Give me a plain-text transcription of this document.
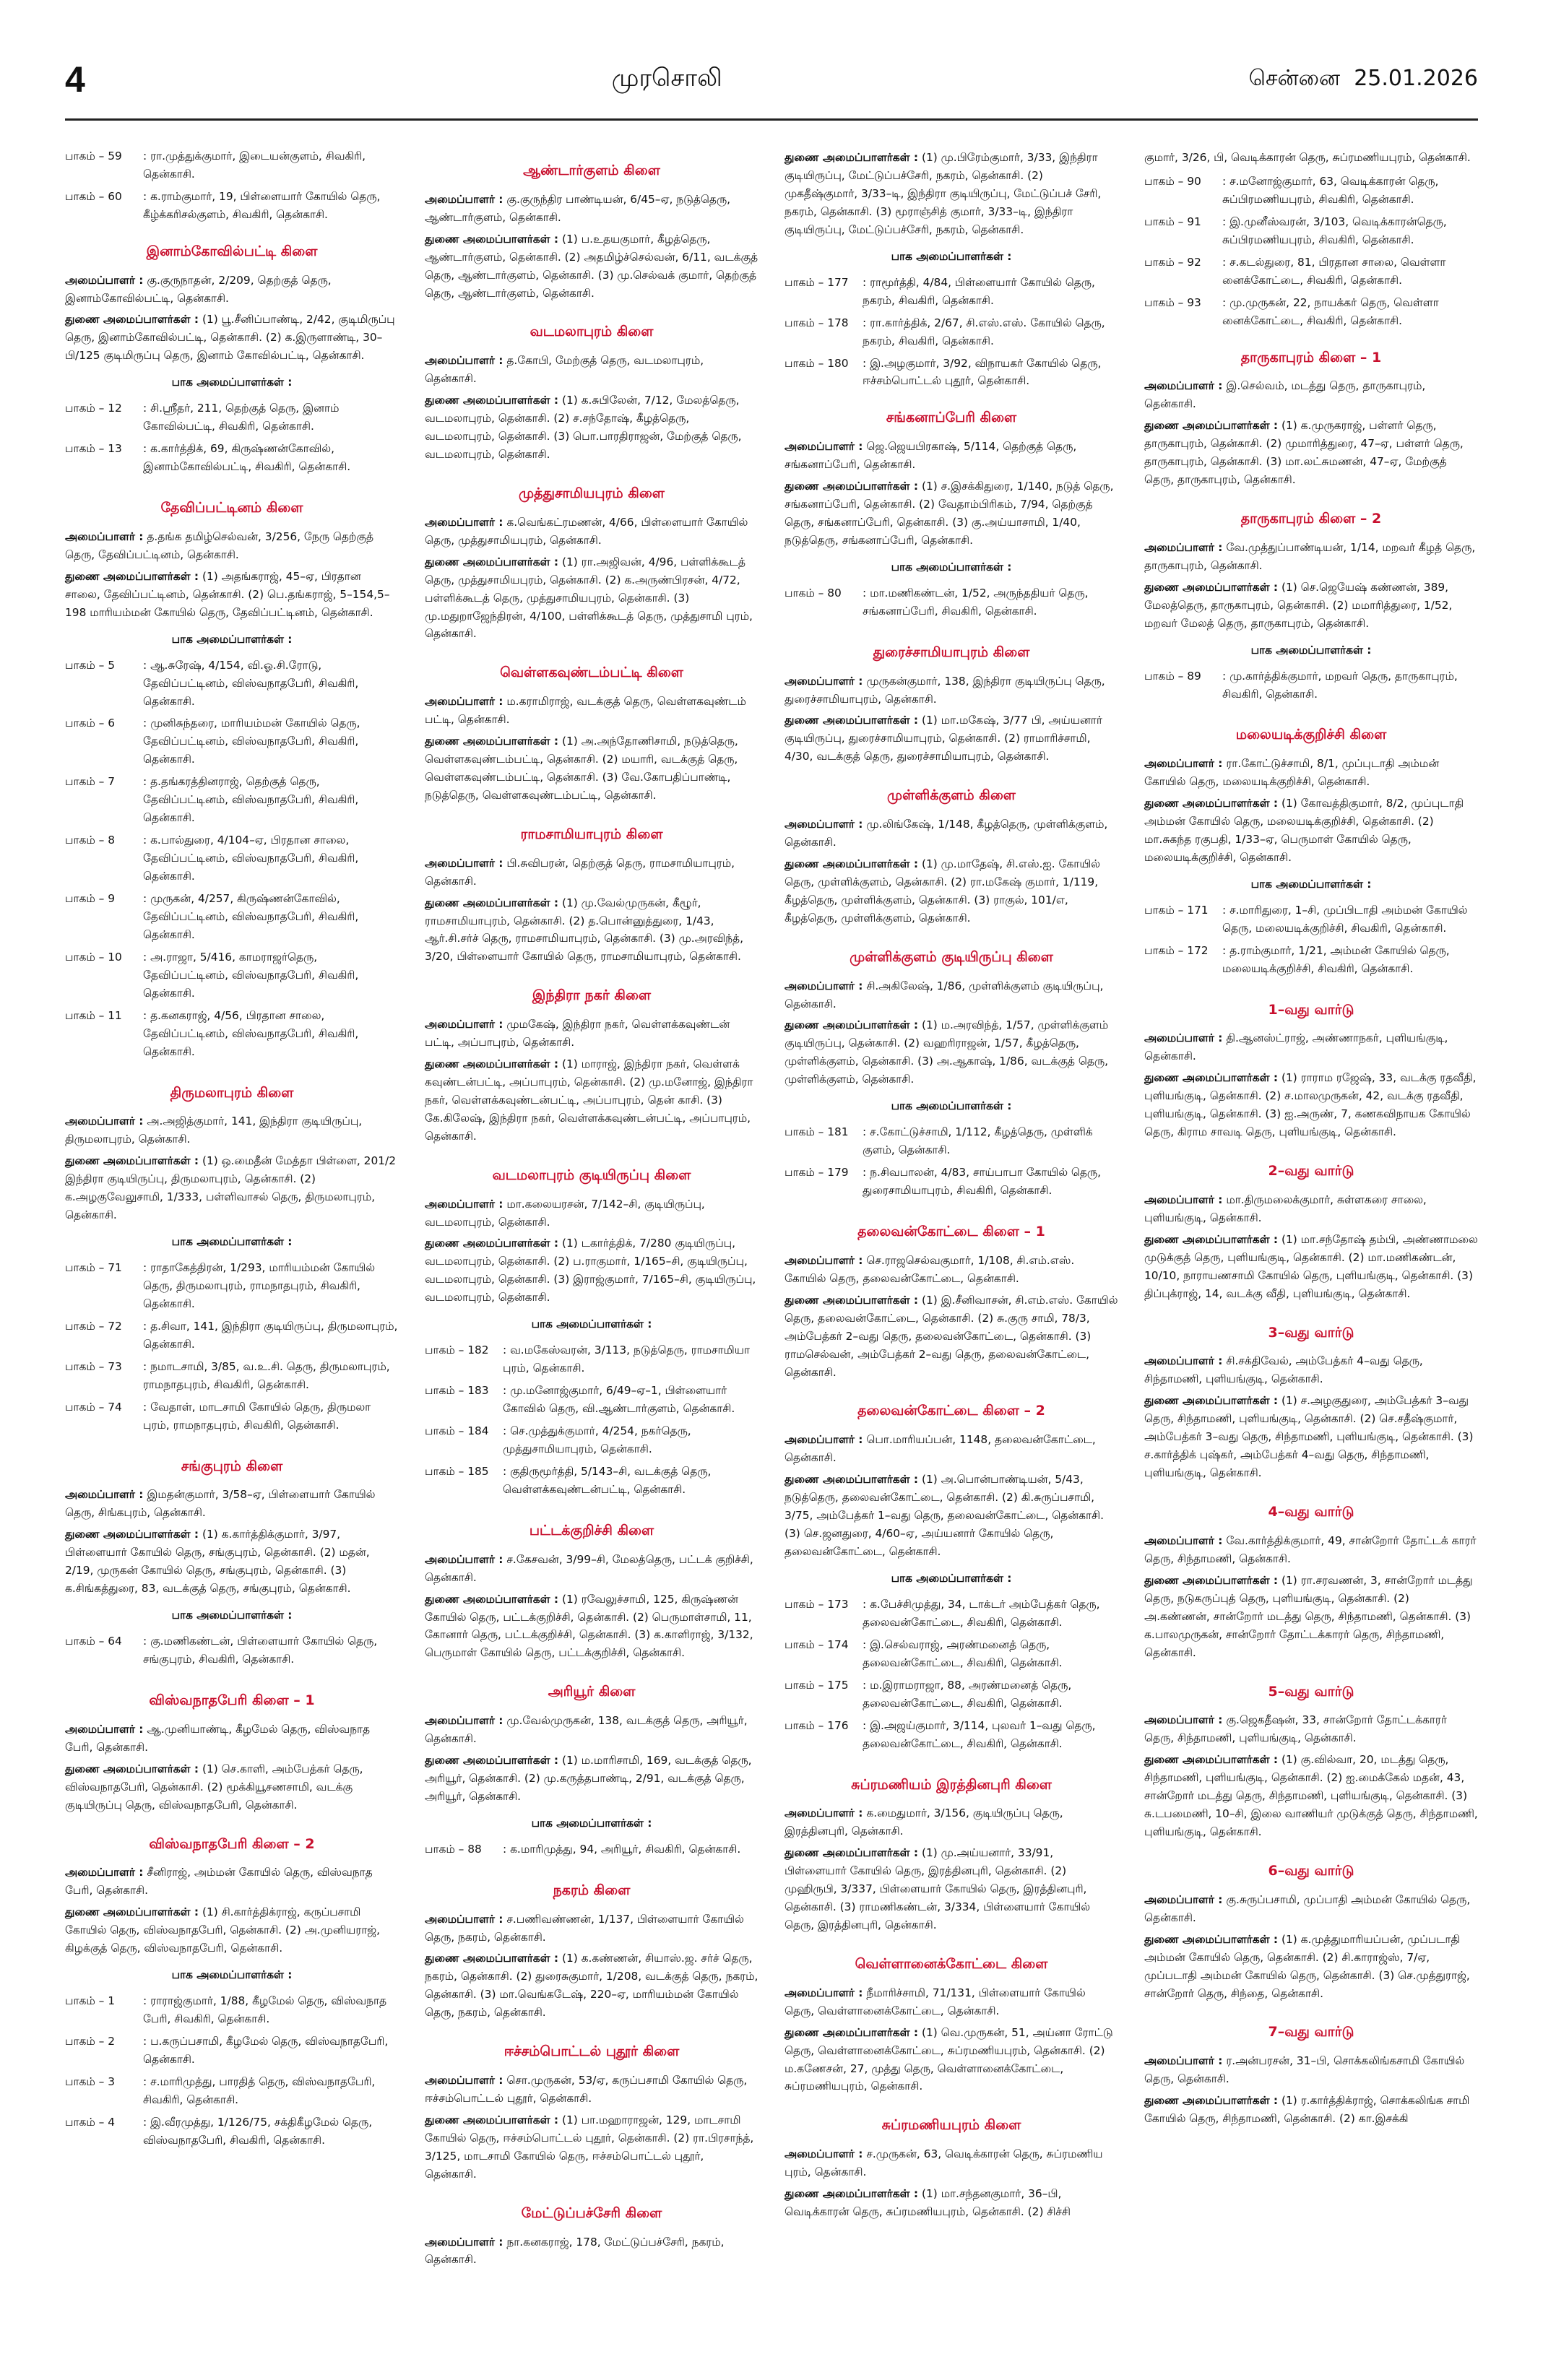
4	முரசொலி	சென்னை 25.01.2026
பாகம் – 59	: ரா.முத்துக்குமார், இடையன்குளம், சிவகிரி, தென்காசி.
பாகம் – 60	: க.ராம்குமார், 19, பிள்ளையார் கோயில் தெரு, கீழ்க்கரிசல்குளம், சிவகிரி, தென்காசி.
இனாம்கோவில்பட்டி கிளை
அமைப்பாளர் : கு.குருநாதன், 2/209, தெற்குத் தெரு, இனாம்கோவில்பட்டி, தென்காசி.
துணை அமைப்பாளர்கள் : (1) பூ.சீனிப்பாண்டி, 2/42, குடிமிருப்பு தெரு, இனாம்கோவில்பட்டி, தென்காசி. (2) க.இருளாண்டி, 30–பி/125 குடிமிருப்பு தெரு, இனாம் கோவில்பட்டி, தென்காசி.
பாக அமைப்பாளர்கள் :
பாகம் – 12	: சி.ஸ்ரீதர், 211, தெற்குத் தெரு, இனாம் கோவில்பட்டி, சிவகிரி, தென்காசி.
பாகம் – 13	: க.கார்த்திக், 69, கிருஷ்ணன்கோவில், இனாம்கோவில்பட்டி, சிவகிரி, தென்காசி.
தேவிப்பட்டினம் கிளை
அமைப்பாளர் : த.தங்க தமிழ்செல்வன், 3/256, நேரு தெற்குத் தெரு, தேவிப்பட்டினம், தென்காசி.
துணை அமைப்பாளர்கள் : (1) அதங்கராஜ், 45–ஏ, பிரதான சாலை, தேவிப்பட்டினம், தென்காசி. (2) பெ.தங்கராஜ், 5–154,5–198 மாரியம்மன் கோயில் தெரு, தேவிப்பட்டினம், தென்காசி.
பாக அமைப்பாளர்கள் :
பாகம் – 5	: ஆ.சுரேஷ், 4/154, வி.ஓ.சி.ரோடு, தேவிப்பட்டினம், விஸ்வநாதபேரி, சிவகிரி, தென்காசி.
பாகம் – 6	: முனிசுந்தரை, மாரியம்மன் கோயில் தெரு, தேவிப்பட்டினம், விஸ்வநாதபேரி, சிவகிரி, தென்காசி.
பாகம் – 7	: த.தங்கரத்தினராஜ், தெற்குத் தெரு, தேவிப்பட்டினம், விஸ்வநாதபேரி, சிவகிரி, தென்காசி.
பாகம் – 8	: க.பால்துரை, 4/104–ஏ, பிரதான சாலை, தேவிப்பட்டினம், விஸ்வநாதபேரி, சிவகிரி, தென்காசி.
பாகம் – 9	: முருகன், 4/257, கிருஷ்ணன்கோவில், தேவிப்பட்டினம், விஸ்வநாதபேரி, சிவகிரி, தென்காசி.
பாகம் – 10	: அ.ராஜா, 5/416, காமராஜர்தெரு, தேவிப்பட்டினம், விஸ்வநாதபேரி, சிவகிரி, தென்காசி.
பாகம் – 11	: த.கனகராஜ், 4/56, பிரதான சாலை, தேவிப்பட்டினம், விஸ்வநாதபேரி, சிவகிரி, தென்காசி.
திருமலாபுரம் கிளை
அமைப்பாளர் : அ.அஜித்குமார், 141, இந்திரா குடியிருப்பு, திருமலாபுரம், தென்காசி.
துணை அமைப்பாளர்கள் : (1) ஒ.மைதீன் மேத்தா பிள்ளை, 201/2 இந்திரா குடியிருப்பு, திருமலாபுரம், தென்காசி. (2) க.அழகுவேலுசாமி, 1/333, பள்ளிவாசல் தெரு, திருமலாபுரம், தென்காசி.
பாக அமைப்பாளர்கள் :
பாகம் – 71	: ராதாகேத்திரன், 1/293, மாரியம்மன் கோயில் தெரு, திருமலாபுரம், ராமநாதபுரம், சிவகிரி, தென்காசி.
பாகம் – 72	: த.சிவா, 141, இந்திரா குடியிருப்பு, திருமலாபுரம், தென்காசி.
பாகம் – 73	: நமாடசாமி, 3/85, வ.உ.சி. தெரு, திருமலாபுரம், ராமநாதபுரம், சிவகிரி, தென்காசி.
பாகம் – 74	: வேதாள், மாடசாமி கோயில் தெரு, திருமலா புரம், ராமநாதபுரம், சிவகிரி, தென்காசி.
சங்குபுரம் கிளை
அமைப்பாளர் : இமதன்குமார், 3/58–ஏ, பிள்ளையார் கோயில் தெரு, சிங்கபுரம், தென்காசி.
துணை அமைப்பாளர்கள் : (1) க.கார்த்திக்குமார், 3/97, பிள்ளையார் கோயில் தெரு, சங்குபுரம், தென்காசி. (2) மதன், 2/19, முருகன் கோயில் தெரு, சங்குபுரம், தென்காசி. (3) க.சிங்கத்துரை, 83, வடக்குத் தெரு, சங்குபுரம், தென்காசி.
பாக அமைப்பாளர்கள் :
பாகம் – 64	: கு.மணிகண்டன், பிள்ளையார் கோயில் தெரு, சங்குபுரம், சிவகிரி, தென்காசி.
விஸ்வநாதபேரி கிளை – 1
அமைப்பாளர் : ஆ.முனியாண்டி, கீழமேல் தெரு, விஸ்வநாத பேரி, தென்காசி.
துணை அமைப்பாளர்கள் : (1) செ.காளி, அம்பேத்கர் தெரு, விஸ்வநாதபேரி, தென்காசி. (2) மூக்கியூசணசாமி, வடக்கு குடியிருப்பு தெரு, விஸ்வநாதபேரி, தென்காசி.
விஸ்வநாதபேரி கிளை – 2
அமைப்பாளர் : சீனிராஜ், அம்மன் கோயில் தெரு, விஸ்வநாத பேரி, தென்காசி.
துணை அமைப்பாளர்கள் : (1) சி.கார்த்திக்ராஜ், கருப்பசாமி கோயில் தெரு, விஸ்வநாதபேரி, தென்காசி. (2) அ.முனியராஜ், கிழக்குத் தெரு, விஸ்வநாதபேரி, தென்காசி.
பாக அமைப்பாளர்கள் :
பாகம் – 1	: ராராஜ்குமார், 1/88, கீழமேல் தெரு, விஸ்வநாத பேரி, சிவகிரி, தென்காசி.
பாகம் – 2	: ப.கருப்பசாமி, கீழமேல் தெரு, விஸ்வநாதபேரி, தென்காசி.
பாகம் – 3	: ச.மாரிமுத்து, பாரதித் தெரு, விஸ்வநாதபேரி, சிவகிரி, தென்காசி.
பாகம் – 4	: இ.வீரமுத்து, 1/126/75, சக்திகீழமேல் தெரு, விஸ்வநாதபேரி, சிவகிரி, தென்காசி.
ஆண்டார்குளம் கிளை
அமைப்பாளர் : கு.குருந்திர பாண்டியன், 6/45–ஏ, நடுத்தெரு, ஆண்டார்குளம், தென்காசி.
துணை அமைப்பாளர்கள் : (1) ப.உதயகுமார், கீழத்தெரு, ஆண்டார்குளம், தென்காசி. (2) அதமிழ்ச்செல்வன், 6/11, வடக்குத் தெரு, ஆண்டார்குளம், தென்காசி. (3) மு.செல்வக் குமார், தெற்குத் தெரு, ஆண்டார்குளம், தென்காசி.
வடமலாபுரம் கிளை
அமைப்பாளர் : த.கோபி, மேற்குத் தெரு, வடமலாபுரம், தென்காசி.
துணை அமைப்பாளர்கள் : (1) க.சுபிலேன், 7/12, மேலத்தெரு, வடமலாபுரம், தென்காசி. (2) ச.சந்தோஷ், கீழத்தெரு, வடமலாபுரம், தென்காசி. (3) பொ.பாரதிராஜன், மேற்குத் தெரு, வடமலாபுரம், தென்காசி.
முத்துசாமியபுரம் கிளை
அமைப்பாளர் : க.வெங்கட்ரமணன், 4/66, பிள்ளையார் கோயில் தெரு, முத்துசாமியபுரம், தென்காசி.
துணை அமைப்பாளர்கள் : (1) ரா.அஜிவன், 4/96, பள்ளிக்கூடத் தெரு, முத்துசாமியபுரம், தென்காசி. (2) க.அருண்பிரசன், 4/72, பள்ளிக்கூடத் தெரு, முத்துசாமியபுரம், தென்காசி. (3) மு.மதுறாஜேந்திரன், 4/100, பள்ளிக்கூடத் தெரு, முத்துசாமி புரம், தென்காசி.
வெள்ளகவுண்டம்பட்டி கிளை
அமைப்பாளர் : ம.கராமிராஜ், வடக்குத் தெரு, வெள்ளகவுண்டம் பட்டி, தென்காசி.
துணை அமைப்பாளர்கள் : (1) அ.அந்தோணிசாமி, நடுத்தெரு, வெள்ளகவுண்டம்பட்டி, தென்காசி. (2) மயாரி, வடக்குத் தெரு, வெள்ளகவுண்டம்பட்டி, தென்காசி. (3) வே.கோபதிப்பாண்டி, நடுத்தெரு, வெள்ளகவுண்டம்பட்டி, தென்காசி.
ராமசாமியாபுரம் கிளை
அமைப்பாளர் : பி.சுவிபரன், தெற்குத் தெரு, ராமசாமியாபுரம், தென்காசி.
துணை அமைப்பாளர்கள் : (1) மு.வேல்முருகன், கீழூர், ராமசாமியாபுரம், தென்காசி. (2) த.பொன்னுத்துரை, 1/43, ஆர்.சி.சர்ச் தெரு, ராமசாமியாபுரம், தென்காசி. (3) மு.அரவிந்த், 3/20, பிள்ளையார் கோயில் தெரு, ராமசாமியாபுரம், தென்காசி.
இந்திரா நகர் கிளை
அமைப்பாளர் : முமகேஷ், இந்திரா நகர், வெள்ளக்கவுண்டன் பட்டி, அப்பாபுரம், தென்காசி.
துணை அமைப்பாளர்கள் : (1) மாராஜ், இந்திரா நகர், வெள்ளக் கவுண்டன்பட்டி, அப்பாபுரம், தென்காசி. (2) மு.மனோஜ், இந்திரா நகர், வெள்ளக்கவுண்டன்பட்டி, அப்பாபுரம், தென் காசி. (3) கே.கிலேஷ், இந்திரா நகர், வெள்ளக்கவுண்டன்பட்டி, அப்பாபுரம், தென்காசி.
வடமலாபுரம் குடியிருப்பு கிளை
அமைப்பாளர் : மா.கலையரசன், 7/142–சி, குடியிருப்பு, வடமலாபுரம், தென்காசி.
துணை அமைப்பாளர்கள் : (1) டகார்த்திக், 7/280 குடியிருப்பு, வடமலாபுரம், தென்காசி. (2) ப.ராகுமார், 1/165–சி, குடியிருப்பு, வடமலாபுரம், தென்காசி. (3) இராஜ்குமார், 7/165–சி, குடியிருப்பு, வடமலாபுரம், தென்காசி.
பாக அமைப்பாளர்கள் :
பாகம் – 182	: வ.மகேஸ்வரன், 3/113, நடுத்தெரு, ராமசாமியா புரம், தென்காசி.
பாகம் – 183	: மு.மனோஜ்குமார், 6/49–ஏ–1, பிள்ளையார் கோவில் தெரு, வி.ஆண்டார்குளம், தென்காசி.
பாகம் – 184	: செ.முத்துக்குமார், 4/254, நகர்தெரு, முத்துசாமியாபுரம், தென்காசி.
பாகம் – 185	: குதிருமூர்த்தி, 5/143–சி, வடக்குத் தெரு, வெள்ளக்கவுண்டன்பட்டி, தென்காசி.
பட்டக்குறிச்சி கிளை
அமைப்பாளர் : ச.கேசவன், 3/99–சி, மேலத்தெரு, பட்டக் குறிச்சி, தென்காசி.
துணை அமைப்பாளர்கள் : (1) ரவேலுச்சாமி, 125, கிருஷ்ணன் கோயில் தெரு, பட்டக்குறிச்சி, தென்காசி. (2) பெருமாள்சாமி, 11, கோனார் தெரு, பட்டக்குறிச்சி, தென்காசி. (3) க.காளிராஜ், 3/132, பெருமாள் கோயில் தெரு, பட்டக்குறிச்சி, தென்காசி.
அரியூர் கிளை
அமைப்பாளர் : மு.வேல்முருகன், 138, வடக்குத் தெரு, அரியூர், தென்காசி.
துணை அமைப்பாளர்கள் : (1) ம.மாரிசாமி, 169, வடக்குத் தெரு, அரியூர், தென்காசி. (2) மு.கருத்தபாண்டி, 2/91, வடக்குத் தெரு, அரியூர், தென்காசி.
பாக அமைப்பாளர்கள் :
பாகம் – 88	: க.மாரிமுத்து, 94, அரியூர், சிவகிரி, தென்காசி.
நகரம் கிளை
அமைப்பாளர் : ச.பணிவண்ணன், 1/137, பிள்ளையார் கோயில் தெரு, நகரம், தென்காசி.
துணை அமைப்பாளர்கள் : (1) க.கண்ணன், சியாஸ்.ஜ. சர்ச் தெரு, நகரம், தென்காசி. (2) துரைசுகுமார், 1/208, வடக்குத் தெரு, நகரம், தென்காசி. (3) மா.வெங்கடேஷ், 220–ஏ, மாரியம்மன் கோயில் தெரு, நகரம், தென்காசி.
ஈச்சம்பொட்டல் புதூர் கிளை
அமைப்பாளர் : சொ.முருகன், 53/ஏ, கருப்பசாமி கோயில் தெரு, ஈச்சம்பொட்டல் புதூர், தென்காசி.
துணை அமைப்பாளர்கள் : (1) பா.மஹாராஜன், 129, மாடசாமி கோயில் தெரு, ஈச்சம்பொட்டல் புதூர், தென்காசி. (2) ரா.பிரசாந்த், 3/125, மாடசாமி கோயில் தெரு, ஈச்சம்பொட்டல் புதூர், தென்காசி.
மேட்டுப்பச்சேரி கிளை
அமைப்பாளர் : நா.கனகராஜ், 178, மேட்டுப்பச்சேரி, நகரம், தென்காசி.
துணை அமைப்பாளர்கள் : (1) மு.பிரேம்குமார், 3/33, இந்திரா குடியிருப்பு, மேட்டுப்பச்சேரி, நகரம், தென்காசி. (2) முகதீஷ்குமார், 3/33–டி, இந்திரா குடியிருப்பு, மேட்டுப்பச் சேரி, நகரம், தென்காசி. (3) மூராஞ்சித் குமார், 3/33–டி, இந்திரா குடியிருப்பு, மேட்டுப்பச்சேரி, நகரம், தென்காசி.
பாக அமைப்பாளர்கள் :
பாகம் – 177	: ராமூர்த்தி, 4/84, பிள்ளையார் கோயில் தெரு, நகரம், சிவகிரி, தென்காசி.
பாகம் – 178	: ரா.கார்த்திக், 2/67, சி.எஸ்.எஸ். கோயில் தெரு, நகரம், சிவகிரி, தென்காசி.
பாகம் – 180	: இ.அழகுமார், 3/92, விநாயகர் கோயில் தெரு, ஈச்சம்பொட்டல் புதூர், தென்காசி.
சங்கனாப்பேரி கிளை
அமைப்பாளர் : ஜெ.ஜெயபிரகாஷ், 5/114, தெற்குத் தெரு, சங்கனாப்பேரி, தென்காசி.
துணை அமைப்பாளர்கள் : (1) ச.இசக்கிதுரை, 1/140, நடுத் தெரு, சங்கனாப்பேரி, தென்காசி. (2) வேதாம்பிரிகம், 7/94, தெற்குத் தெரு, சங்கனாப்பேரி, தென்காசி. (3) கு.அய்யாசாமி, 1/40, நடுத்தெரு, சங்கனாப்பேரி, தென்காசி.
பாக அமைப்பாளர்கள் :
பாகம் – 80	: மா.மணிகண்டன், 1/52, அருந்ததியர் தெரு, சங்கனாப்பேரி, சிவகிரி, தென்காசி.
துரைச்சாமியாபுரம் கிளை
அமைப்பாளர் : முருகன்குமார், 138, இந்திரா குடியிருப்பு தெரு, துரைச்சாமியாபுரம், தென்காசி.
துணை அமைப்பாளர்கள் : (1) மா.மகேஷ், 3/77 பி, அய்யனார் குடியிருப்பு, துரைச்சாமியாபுரம், தென்காசி. (2) ராமாரிச்சாமி, 4/30, வடக்குத் தெரு, துரைச்சாமியாபுரம், தென்காசி.
முள்ளிக்குளம் கிளை
அமைப்பாளர் : மு.லிங்கேஷ், 1/148, கீழத்தெரு, முள்ளிக்குளம், தென்காசி.
துணை அமைப்பாளர்கள் : (1) மு.மாதேஷ், சி.எஸ்.ஐ. கோயில் தெரு, முள்ளிக்குளம், தென்காசி. (2) ரா.மகேஷ் குமார், 1/119, கீழத்தெரு, முள்ளிக்குளம், தென்காசி. (3) ராகுல், 101/எ, கீழத்தெரு, முள்ளிக்குளம், தென்காசி.
முள்ளிக்குளம் குடியிருப்பு கிளை
அமைப்பாளர் : சி.அகிலேஷ், 1/86, முள்ளிக்குளம் குடியிருப்பு, தென்காசி.
துணை அமைப்பாளர்கள் : (1) ம.அரவிந்த், 1/57, முள்ளிக்குளம் குடியிருப்பு, தென்காசி. (2) வஹரிராஜன், 1/57, கீழத்தெரு, முள்ளிக்குளம், தென்காசி. (3) அ.ஆகாஷ், 1/86, வடக்குத் தெரு, முள்ளிக்குளம், தென்காசி.
பாக அமைப்பாளர்கள் :
பாகம் – 181	: ச.கோட்டுச்சாமி, 1/112, கீழத்தெரு, முள்ளிக் குளம், தென்காசி.
பாகம் – 179	: ந.சிவபாலன், 4/83, சாய்பாபா கோயில் தெரு, துரைசாமியாபுரம், சிவகிரி, தென்காசி.
தலைவன்கோட்டை கிளை – 1
அமைப்பாளர் : செ.ராஜசெல்வகுமார், 1/108, சி.எம்.எஸ். கோயில் தெரு, தலைவன்கோட்டை, தென்காசி.
துணை அமைப்பாளர்கள் : (1) இ.சீனிவாசன், சி.எம்.எஸ். கோயில் தெரு, தலைவன்கோட்டை, தென்காசி. (2) சு.குரு சாமி, 78/3, அம்பேத்கர் 2–வது தெரு, தலைவன்கோட்டை, தென்காசி. (3) ராமசெல்வன், அம்பேத்கர் 2–வது தெரு, தலைவன்கோட்டை, தென்காசி.
தலைவன்கோட்டை கிளை – 2
அமைப்பாளர் : பொ.மாரியப்பன், 1148, தலைவன்கோட்டை, தென்காசி.
துணை அமைப்பாளர்கள் : (1) அ.பொன்பாண்டியன், 5/43, நடுத்தெரு, தலைவன்கோட்டை, தென்காசி. (2) கி.சுருப்பசாமி, 3/75, அம்பேத்கர் 1–வது தெரு, தலைவன்கோட்டை, தென்காசி. (3) செ.ஜனதுரை, 4/60–ஏ, அய்யனார் கோயில் தெரு, தலைவன்கோட்டை, தென்காசி.
பாக அமைப்பாளர்கள் :
பாகம் – 173	: க.பேச்சிமுத்து, 34, டாக்டர் அம்பேத்கர் தெரு, தலைவன்கோட்டை, சிவகிரி, தென்காசி.
பாகம் – 174	: இ.செல்வராஜ், அரண்மனைத் தெரு, தலைவன்கோட்டை, சிவகிரி, தென்காசி.
பாகம் – 175	: ம.இராமராஜா, 88, அரண்மனைத் தெரு, தலைவன்கோட்டை, சிவகிரி, தென்காசி.
பாகம் – 176	: இ.அஜய்குமார், 3/114, புலவர் 1–வது தெரு, தலைவன்கோட்டை, சிவகிரி, தென்காசி.
சுப்ரமணியம் இரத்தினபுரி கிளை
அமைப்பாளர் : க.மைதுமார், 3/156, குடியிருப்பு தெரு, இரத்தினபுரி, தென்காசி.
துணை அமைப்பாளர்கள் : (1) மு.அய்யனார், 33/91, பிள்ளையார் கோயில் தெரு, இரத்தினபுரி, தென்காசி. (2) முஹிருபி, 3/337, பிள்ளையார் கோயில் தெரு, இரத்தினபுரி, தென்காசி. (3) ராமணிகண்டன், 3/334, பிள்ளையார் கோயில் தெரு, இரத்தினபுரி, தென்காசி.
வெள்ளானைக்கோட்டை கிளை
அமைப்பாளர் : நீமாரிச்சாமி, 71/131, பிள்ளையார் கோயில் தெரு, வெள்ளானைக்கோட்டை, தென்காசி.
துணை அமைப்பாளர்கள் : (1) வெ.முருகன், 51, அய்னா ரோட்டு தெரு, வெள்ளானைக்கோட்டை, சுப்ரமணியபுரம், தென்காசி. (2) ம.கணேசன், 27, முத்து தெரு, வெள்ளானைக்கோட்டை, சுப்ரமணியபுரம், தென்காசி.
சுப்ரமணியபுரம் கிளை
அமைப்பாளர் : ச.முருகன், 63, வெடிக்காரன் தெரு, சுப்ரமணிய புரம், தென்காசி.
துணை அமைப்பாளர்கள் : (1) மா.சந்தனகுமார், 36–பி, வெடிக்காரன் தெரு, சுப்ரமணியபுரம், தென்காசி. (2) சிச்சி
குமார், 3/26, பி, வெடிக்காரன் தெரு, சுப்ரமணியபுரம், தென்காசி.
பாகம் – 90	: ச.மனோஜ்குமார், 63, வெடிக்காரன் தெரு, சுப்பிரமணியபுரம், சிவகிரி, தென்காசி.
பாகம் – 91	: இ.முனீஸ்வரன், 3/103, வெடிக்காரன்தெரு, சுப்பிரமணியபுரம், சிவகிரி, தென்காசி.
பாகம் – 92	: ச.கடல்துரை, 81, பிரதான சாலை, வெள்ளா னைக்கோட்டை, சிவகிரி, தென்காசி.
பாகம் – 93	: மு.முருகன், 22, நாயக்கர் தெரு, வெள்ளா னைக்கோட்டை, சிவகிரி, தென்காசி.
தாருகாபுரம் கிளை – 1
அமைப்பாளர் : இ.செல்வம், மடத்து தெரு, தாருகாபுரம், தென்காசி.
துணை அமைப்பாளர்கள் : (1) க.முருகராஜ், பள்ளர் தெரு, தாருகாபுரம், தென்காசி. (2) முமாரித்துரை, 47–ஏ, பள்ளர் தெரு, தாருகாபுரம், தென்காசி. (3) மா.லட்சுமணன், 47–ஏ, மேற்குத் தெரு, தாருகாபுரம், தென்காசி.
தாருகாபுரம் கிளை – 2
அமைப்பாளர் : வே.முத்துப்பாண்டியன், 1/14, மறவர் கீழத் தெரு, தாருகாபுரம், தென்காசி.
துணை அமைப்பாளர்கள் : (1) செ.ஜெயேஷ் கண்ணன், 389, மேலத்தெரு, தாருகாபுரம், தென்காசி. (2) மமாரித்துரை, 1/52, மறவர் மேலத் தெரு, தாருகாபுரம், தென்காசி.
பாக அமைப்பாளர்கள் :
பாகம் – 89	: மு.கார்த்திக்குமார், மறவர் தெரு, தாருகாபுரம், சிவகிரி, தென்காசி.
மலையடிக்குறிச்சி கிளை
அமைப்பாளர் : ரா.கோட்டுச்சாமி, 8/1, முப்புடாதி அம்மன் கோயில் தெரு, மலையடிக்குறிச்சி, தென்காசி.
துணை அமைப்பாளர்கள் : (1) கோவத்திகுமார், 8/2, முப்புடாதி அம்மன் கோயில் தெரு, மலையடிக்குறிச்சி, தென்காசி. (2) மா.சுகந்த ரகுபதி, 1/33–ஏ, பெருமாள் கோயில் தெரு, மலையடிக்குறிச்சி, தென்காசி.
பாக அமைப்பாளர்கள் :
பாகம் – 171	: ச.மாரிதுரை, 1–சி, முப்பிடாதி அம்மன் கோயில் தெரு, மலையடிக்குறிச்சி, சிவகிரி, தென்காசி.
பாகம் – 172	: த.ராம்குமார், 1/21, அம்மன் கோயில் தெரு, மலையடிக்குறிச்சி, சிவகிரி, தென்காசி.
1–வது வார்டு
அமைப்பாளர் : தி.ஆனஸ்ட்ராஜ், அண்ணாநகர், புளியங்குடி, தென்காசி.
துணை அமைப்பாளர்கள் : (1) ராராம ரஜேஷ், 33, வடக்கு ரதவீதி, புளியங்குடி, தென்காசி. (2) ச.மாலமுருகன், 42, வடக்கு ரதவீதி, புளியங்குடி, தென்காசி. (3) ஐ.அருண், 7, கணகவிநாயக கோயில் தெரு, கிராம சாவடி தெரு, புளியங்குடி, தென்காசி.
2–வது வார்டு
அமைப்பாளர் : மா.திருமலைக்குமார், சுள்ளகரை சாலை, புளியங்குடி, தென்காசி.
துணை அமைப்பாளர்கள் : (1) மா.சந்தோஷ் தம்பி, அண்ணாமலை முடுக்குத் தெரு, புளியங்குடி, தென்காசி. (2) மா.மணிகண்டன், 10/10, நாராயணசாமி கோயில் தெரு, புளியங்குடி, தென்காசி. (3) திப்புக்ராஜ், 14, வடக்கு வீதி, புளியங்குடி, தென்காசி.
3–வது வார்டு
அமைப்பாளர் : சி.சக்திவேல், அம்பேத்கர் 4–வது தெரு, சிந்தாமணி, புளியங்குடி, தென்காசி.
துணை அமைப்பாளர்கள் : (1) ச.அழகுதுரை, அம்பேத்கர் 3–வது தெரு, சிந்தாமணி, புளியங்குடி, தென்காசி. (2) செ.சதீஷ்குமார், அம்பேத்கர் 3–வது தெரு, சிந்தாமணி, புளியங்குடி, தென்காசி. (3) ச.கார்த்திக் புஷ்கர், அம்பேத்கர் 4–வது தெரு, சிந்தாமணி, புளியங்குடி, தென்காசி.
4–வது வார்டு
அமைப்பாளர் : வே.கார்த்திக்குமார், 49, சான்றோர் தோட்டக் காரர் தெரு, சிந்தாமணி, தென்காசி.
துணை அமைப்பாளர்கள் : (1) ரா.சரவணன், 3, சான்றோர் மடத்து தெரு, நடுகருப்புத் தெரு, புளியங்குடி, தென்காசி. (2) அ.கண்ணன், சான்றோர் மடத்து தெரு, சிந்தாமணி, தென்காசி. (3) க.பாலமுருகன், சான்றோர் தோட்டக்காரர் தெரு, சிந்தாமணி, தென்காசி.
5–வது வார்டு
அமைப்பாளர் : கு.ஜெகதீஷன், 33, சான்றோர் தோட்டக்காரர் தெரு, சிந்தாமணி, புளியங்குடி, தென்காசி.
துணை அமைப்பாளர்கள் : (1) கு.வில்வா, 20, மடத்து தெரு, சிந்தாமணி, புளியங்குடி, தென்காசி. (2) ஐ.மைக்கேல் மதன், 43, சான்றோர் மடத்து தெரு, சிந்தாமணி, புளியங்குடி, தென்காசி. (3) சு.டபமைணி, 10–சி, இலை வாணியர் முடுக்குத் தெரு, சிந்தாமணி, புளியங்குடி, தென்காசி.
6–வது வார்டு
அமைப்பாளர் : கு.சுருப்பசாமி, முப்பாதி அம்மன் கோயில் தெரு, தென்காசி.
துணை அமைப்பாளர்கள் : (1) க.முத்துமாரியப்பன், முப்படாதி அம்மன் கோயில் தெரு, தென்காசி. (2) சி.காராஜ்ஸ், 7/ஏ, முப்படாதி அம்மன் கோயில் தெரு, தென்காசி. (3) செ.முத்துராஜ், சான்றோர் தெரு, சிந்தை, தென்காசி.
7–வது வார்டு
அமைப்பாளர் : ர.அன்பரசன், 31–பி, சொக்கலிங்கசாமி கோயில் தெரு, தென்காசி.
துணை அமைப்பாளர்கள் : (1) ர.கார்த்திக்ராஜ், சொக்கலிங்க சாமி கோயில் தெரு, சிந்தாமணி, தென்காசி. (2) கா.இசக்கி
